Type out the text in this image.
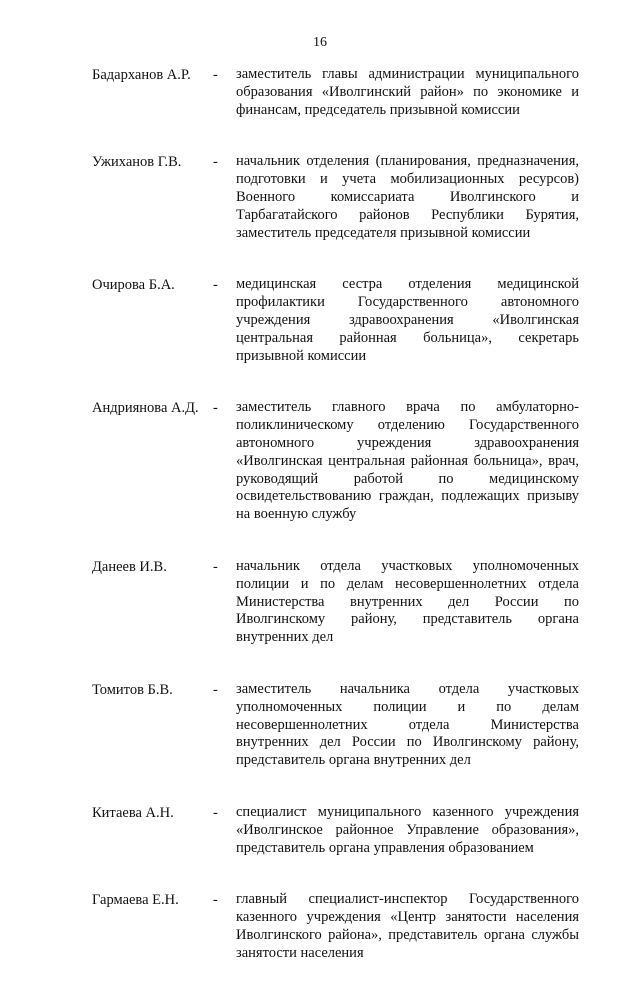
16
Бадарханов А.Р. - заместитель главы администрации муниципального образования «Иволгинский район» по экономике и финансам, председатель призывной комиссии
Ужиханов Г.В. - начальник отделения (планирования, предназначения, подготовки и учета мобилизационных ресурсов) Военного комиссариата Иволгинского и Тарбагатайского районов Республики Бурятия, заместитель председателя призывной комиссии
Очирова Б.А.	- медицинская сестра отделения медицинской профилактики Государственного автономного учреждения здравоохранения «Иволгинская центральная районная больница», секретарь призывной комиссии
Андриянова А.Д. - заместитель главного врача по амбулаторно-поликлиническому отделению Государственного автономного учреждения здравоохранения «Иволгинская центральная районная больница», врач, руководящий работой по медицинскому освидетельствованию граждан, подлежащих призыву на военную службу
Данеев И.В.	- начальник отдела участковых уполномоченных полиции и по делам несовершеннолетних отдела Министерства внутренних дел России по Иволгинскому району, представитель органа внутренних дел
Томитов Б.В.	- заместитель начальника отдела участковых уполномоченных полиции и по делам несовершеннолетних отдела Министерства внутренних дел России по Иволгинскому району, представитель органа внутренних дел
Китаева А.Н.	- специалист муниципального казенного учреждения «Иволгинское районное Управление образования», представитель органа управления образованием
Гармаева Е.Н. - главный специалист-инспектор Государственного казенного учреждения «Центр занятости населения Иволгинского района», представитель органа службы занятости населения
